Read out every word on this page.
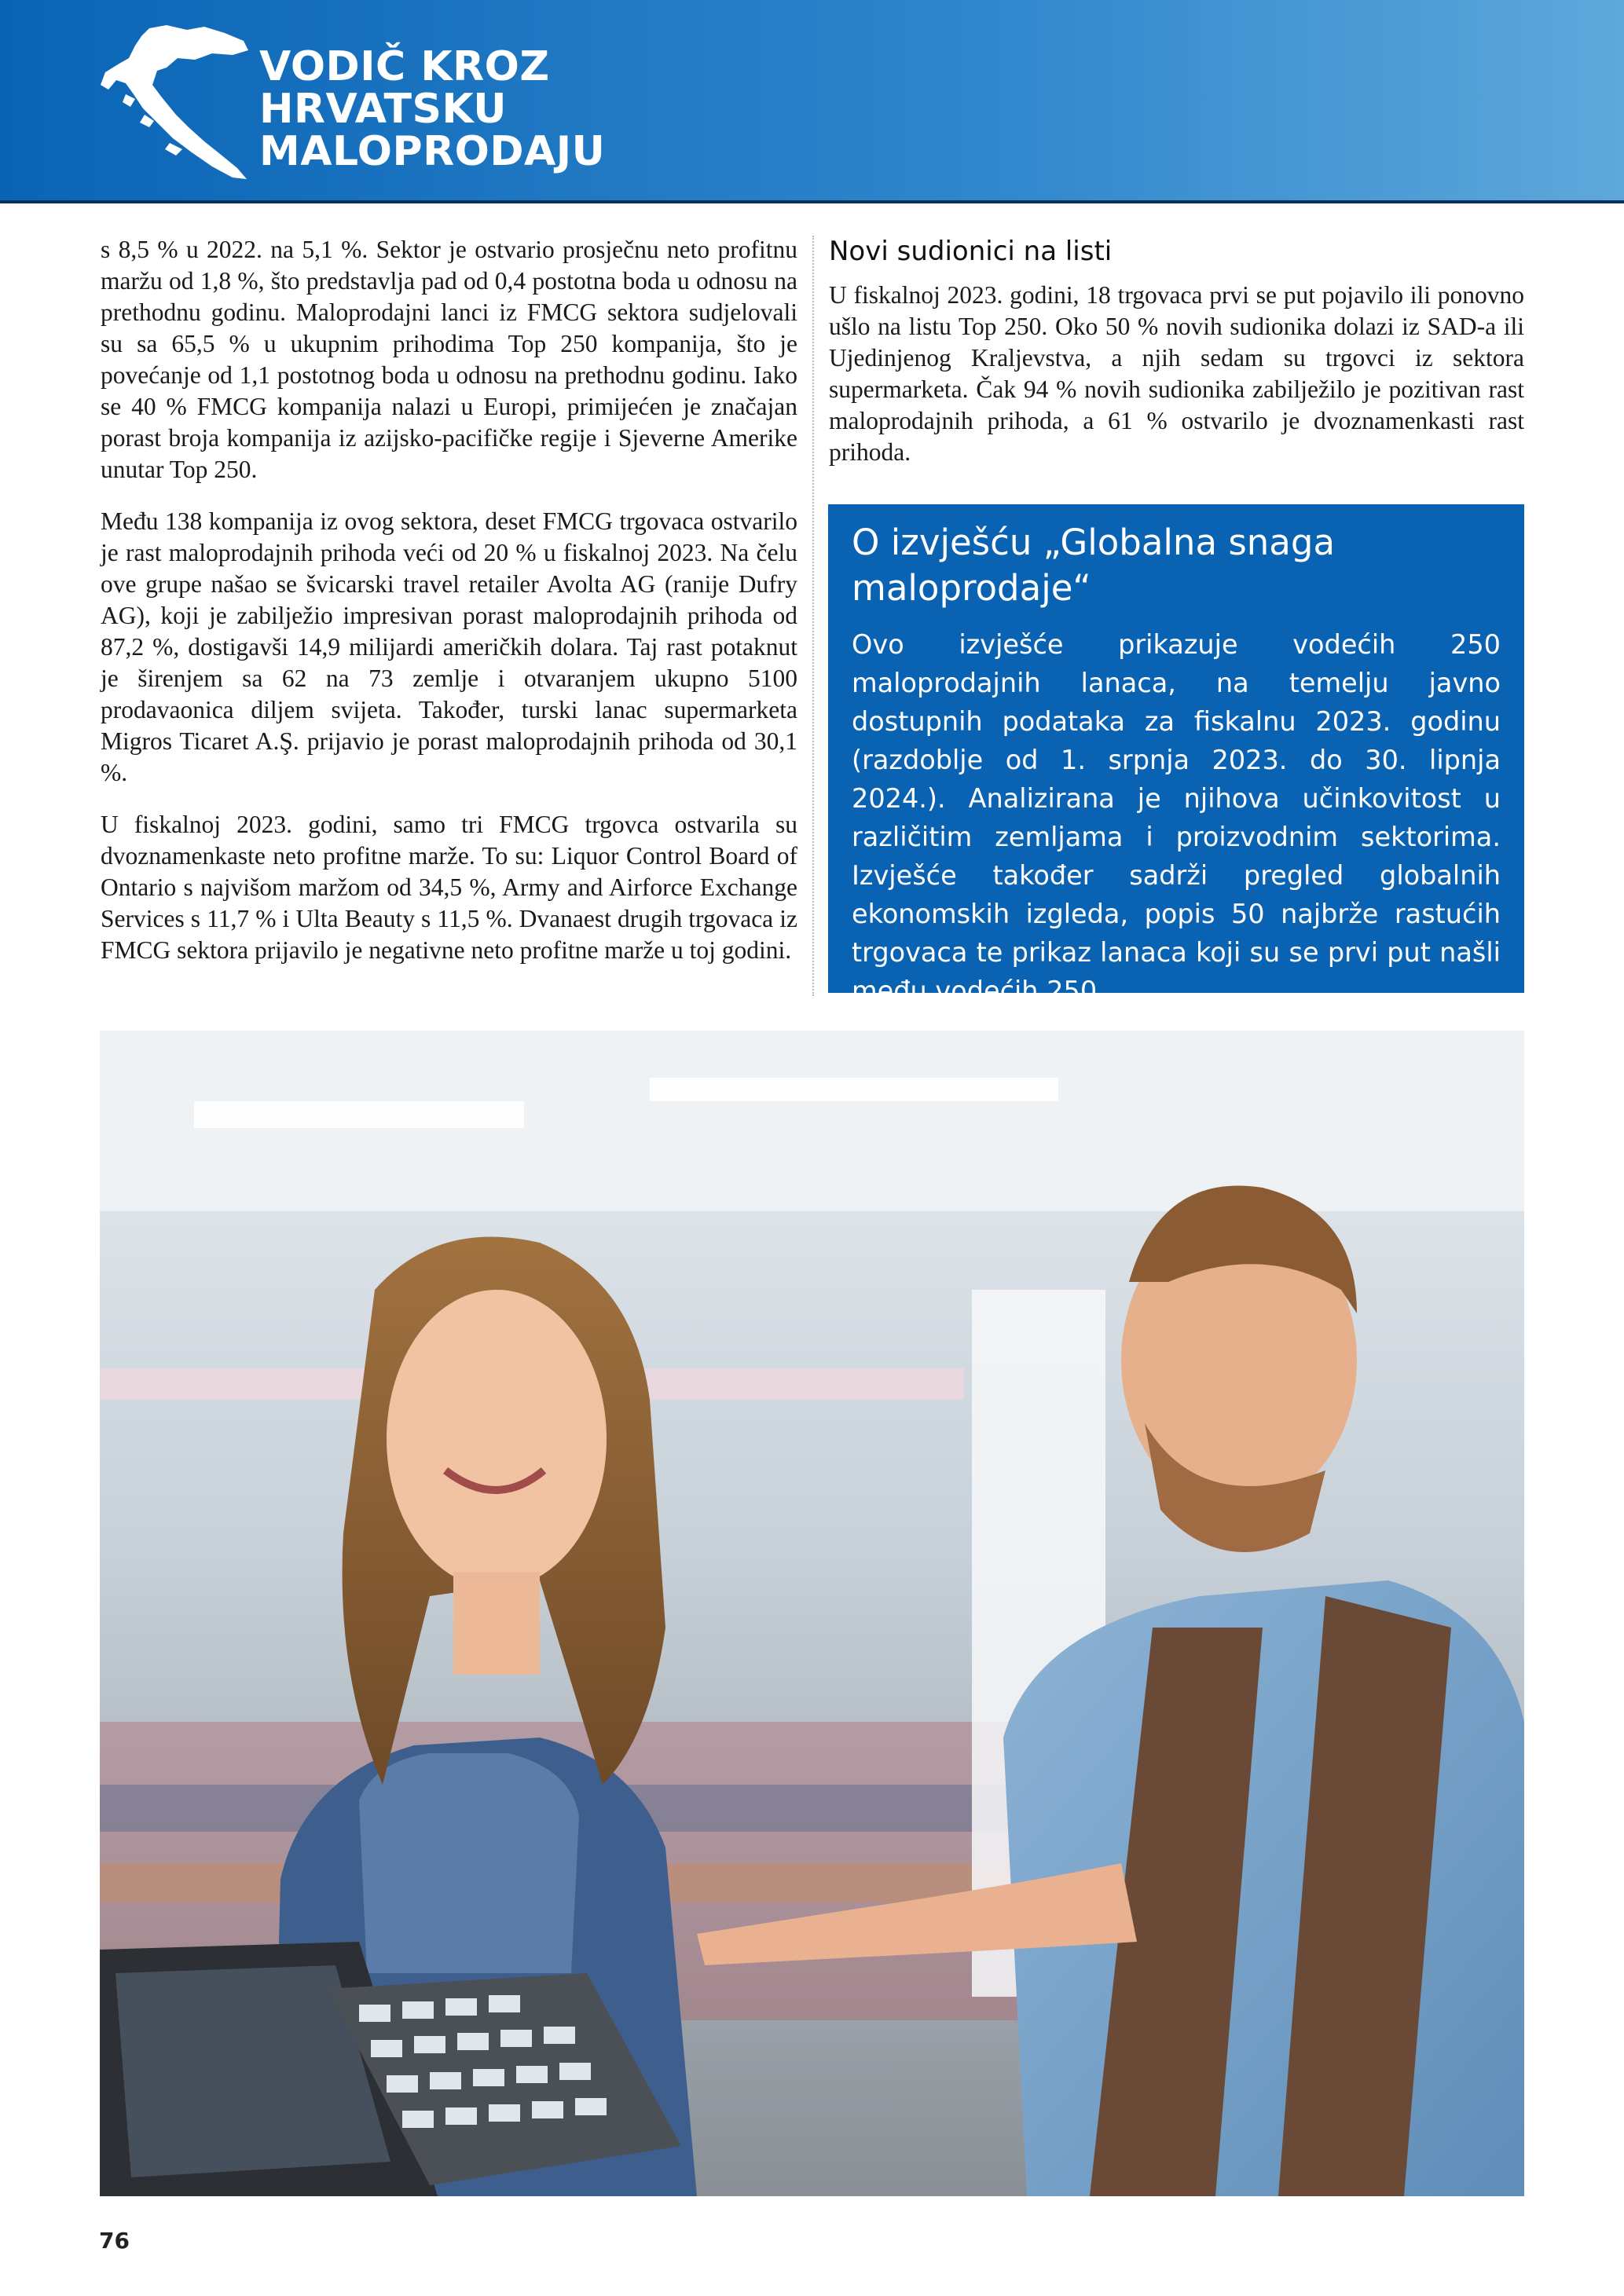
VODIČ KROZ
HRVATSKU
MALOPRODAJU

s 8,5 % u 2022. na 5,1 %. Sektor je ostvario prosječnu neto profitnu maržu od 1,8 %, što predstavlja pad od 0,4 postotna boda u odnosu na prethodnu godinu. Maloprodajni lanci iz FMCG sektora sudjelovali su sa 65,5 % u ukupnim prihodima Top 250 kompanija, što je povećanje od 1,1 postotnog boda u odnosu na prethodnu godinu. Iako se 40 % FMCG kompanija nalazi u Europi, primijećen je značajan porast broja kompanija iz azijsko-pacifičke regije i Sjeverne Amerike unutar Top 250.

Među 138 kompanija iz ovog sektora, deset FMCG trgovaca ostvarilo je rast maloprodajnih prihoda veći od 20 % u fiskalnoj 2023. Na čelu ove grupe našao se švicarski travel retailer Avolta AG (ranije Dufry AG), koji je zabilježio impresivan porast maloprodajnih prihoda od 87,2 %, dostigavši 14,9 milijardi američkih dolara. Taj rast potaknut je širenjem sa 62 na 73 zemlje i otvaranjem ukupno 5100 prodavaonica diljem svijeta. Također, turski lanac supermarketa Migros Ticaret A.Ş. prijavio je porast maloprodajnih prihoda od 30,1 %.

U fiskalnoj 2023. godini, samo tri FMCG trgovca ostvarila su dvoznamenkaste neto profitne marže. To su: Liquor Control Board of Ontario s najvišom maržom od 34,5 %, Army and Airforce Exchange Services s 11,7 % i Ulta Beauty s 11,5 %. Dvanaest drugih trgovaca iz FMCG sektora prijavilo je negativne neto profitne marže u toj godini.

Novi sudionici na listi

U fiskalnoj 2023. godini, 18 trgovaca prvi se put pojavilo ili ponovno ušlo na listu Top 250. Oko 50 % novih sudionika dolazi iz SAD-a ili Ujedinjenog Kraljevstva, a njih sedam su trgovci iz sektora supermarketa. Čak 94 % novih sudionika zabilježilo je pozitivan rast maloprodajnih prihoda, a 61 % ostvarilo je dvoznamenkasti rast prihoda.

O izvješću „Globalna snaga maloprodaje“

Ovo izvješće prikazuje vodećih 250 maloprodajnih lanaca, na temelju javno dostupnih podataka za fiskalnu 2023. godinu (razdoblje od 1. srpnja 2023. do 30. lipnja 2024.). Analizirana je njihova učinkovitost u različitim zemljama i proizvodnim sektorima. Izvješće također sadrži pregled globalnih ekonomskih izgleda, popis 50 najbrže rastućih trgovaca te prikaz lanaca koji su se prvi put našli među vodećih 250.

76
